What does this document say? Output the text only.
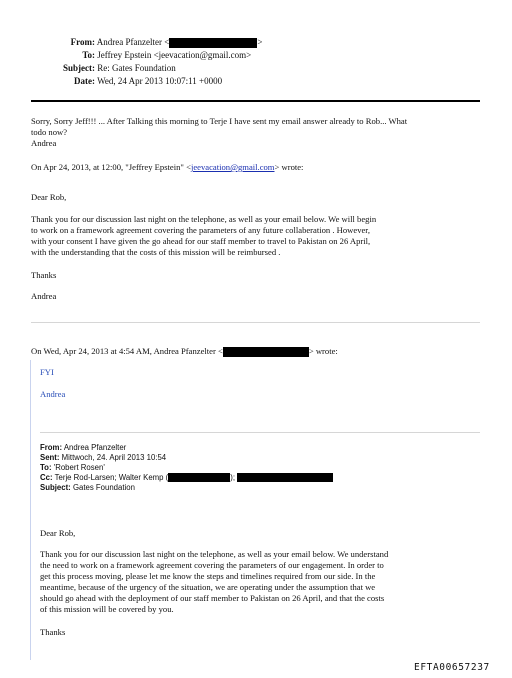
From: Andrea Pfanzelter <	>
To: Jeffrey Epstein <jeevacation@gmail.com>
Subject: Re: Gates Foundation
Date: Wed, 24 Apr 2013 10:07:11 +0000
Sorry, Sorry Jeff!!! ... After Talking this morning to Terje I have sent my email answer already to Rob... What
todo now?
Andrea
On Apr 24, 2013, at 12:00, "Jeffrey Epstein" <jeevacation@gmail.com> wrote:
Dear Rob,
Thank you for our discussion last night on the telephone, as well as your email below. We will begin
to work on a framework agreement covering the parameters of any future collaberation . However,
with your consent I have given the go ahead for our staff member to travel to Pakistan on 26 April,
with the understanding that the costs of this mission will be reimbursed .
Thanks
Andrea
On Wed, Apr 24, 2013 at 4:54 AM, Andrea Pfanzelter <	> wrote:
FYI
Andrea
From: Andrea Pfanzelter
Sent: Mittwoch, 24. April 2013 10:54
To: 'Robert Rosen'
Cc: Terje Rod-Larsen; Walter Kemp (	);
Subject: Gates Foundation
Dear Rob,
Thank you for our discussion last night on the telephone, as well as your email below. We understand
the need to work on a framework agreement covering the parameters of our engagement. In order to
get this process moving, please let me know the steps and timelines required from our side. In the
meantime, because of the urgency of the situation, we are operating under the assumption that we
should go ahead with the deployment of our staff member to Pakistan on 26 April, and that the costs
of this mission will be covered by you.
Thanks
EFTA00657237
